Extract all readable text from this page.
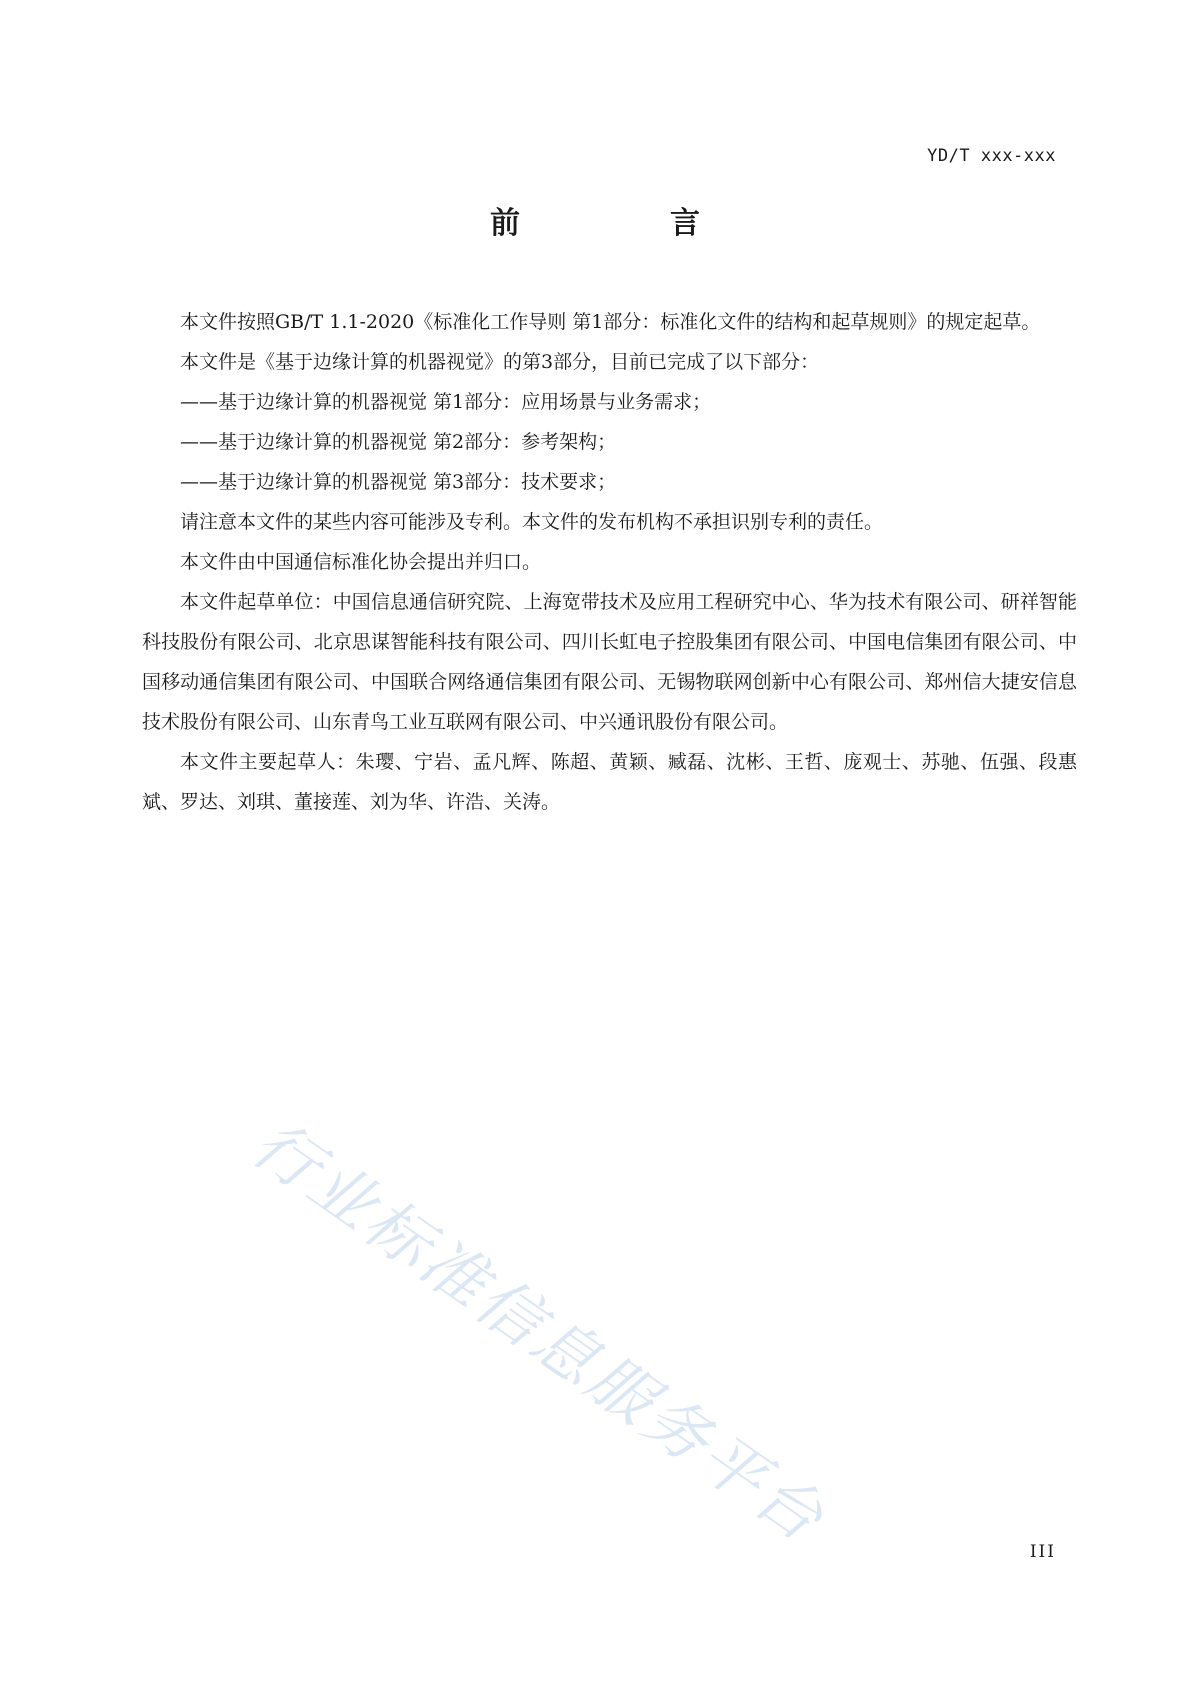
YD/T xxx-xxx
前　言

本文件按照GB/T 1.1-2020《标准化工作导则 第1部分：标准化文件的结构和起草规则》的规定起草。

本文件是《基于边缘计算的机器视觉》的第3部分，目前已完成了以下部分：

——基于边缘计算的机器视觉 第1部分：应用场景与业务需求；

——基于边缘计算的机器视觉 第2部分：参考架构；

——基于边缘计算的机器视觉 第3部分：技术要求；

请注意本文件的某些内容可能涉及专利。本文件的发布机构不承担识别专利的责任。

本文件由中国通信标准化协会提出并归口。

本文件起草单位：中国信息通信研究院、上海宽带技术及应用工程研究中心、华为技术有限公司、研祥智能科技股份有限公司、北京思谋智能科技有限公司、四川长虹电子控股集团有限公司、中国电信集团有限公司、中国移动通信集团有限公司、中国联合网络通信集团有限公司、无锡物联网创新中心有限公司、郑州信大捷安信息技术股份有限公司、山东青鸟工业互联网有限公司、中兴通讯股份有限公司。

本文件主要起草人：朱璎、宁岩、孟凡辉、陈超、黄颖、臧磊、沈彬、王哲、庞观士、苏驰、伍强、段惠斌、罗达、刘琪、董接莲、刘为华、许浩、关涛。

行业标准信息服务平台	III
